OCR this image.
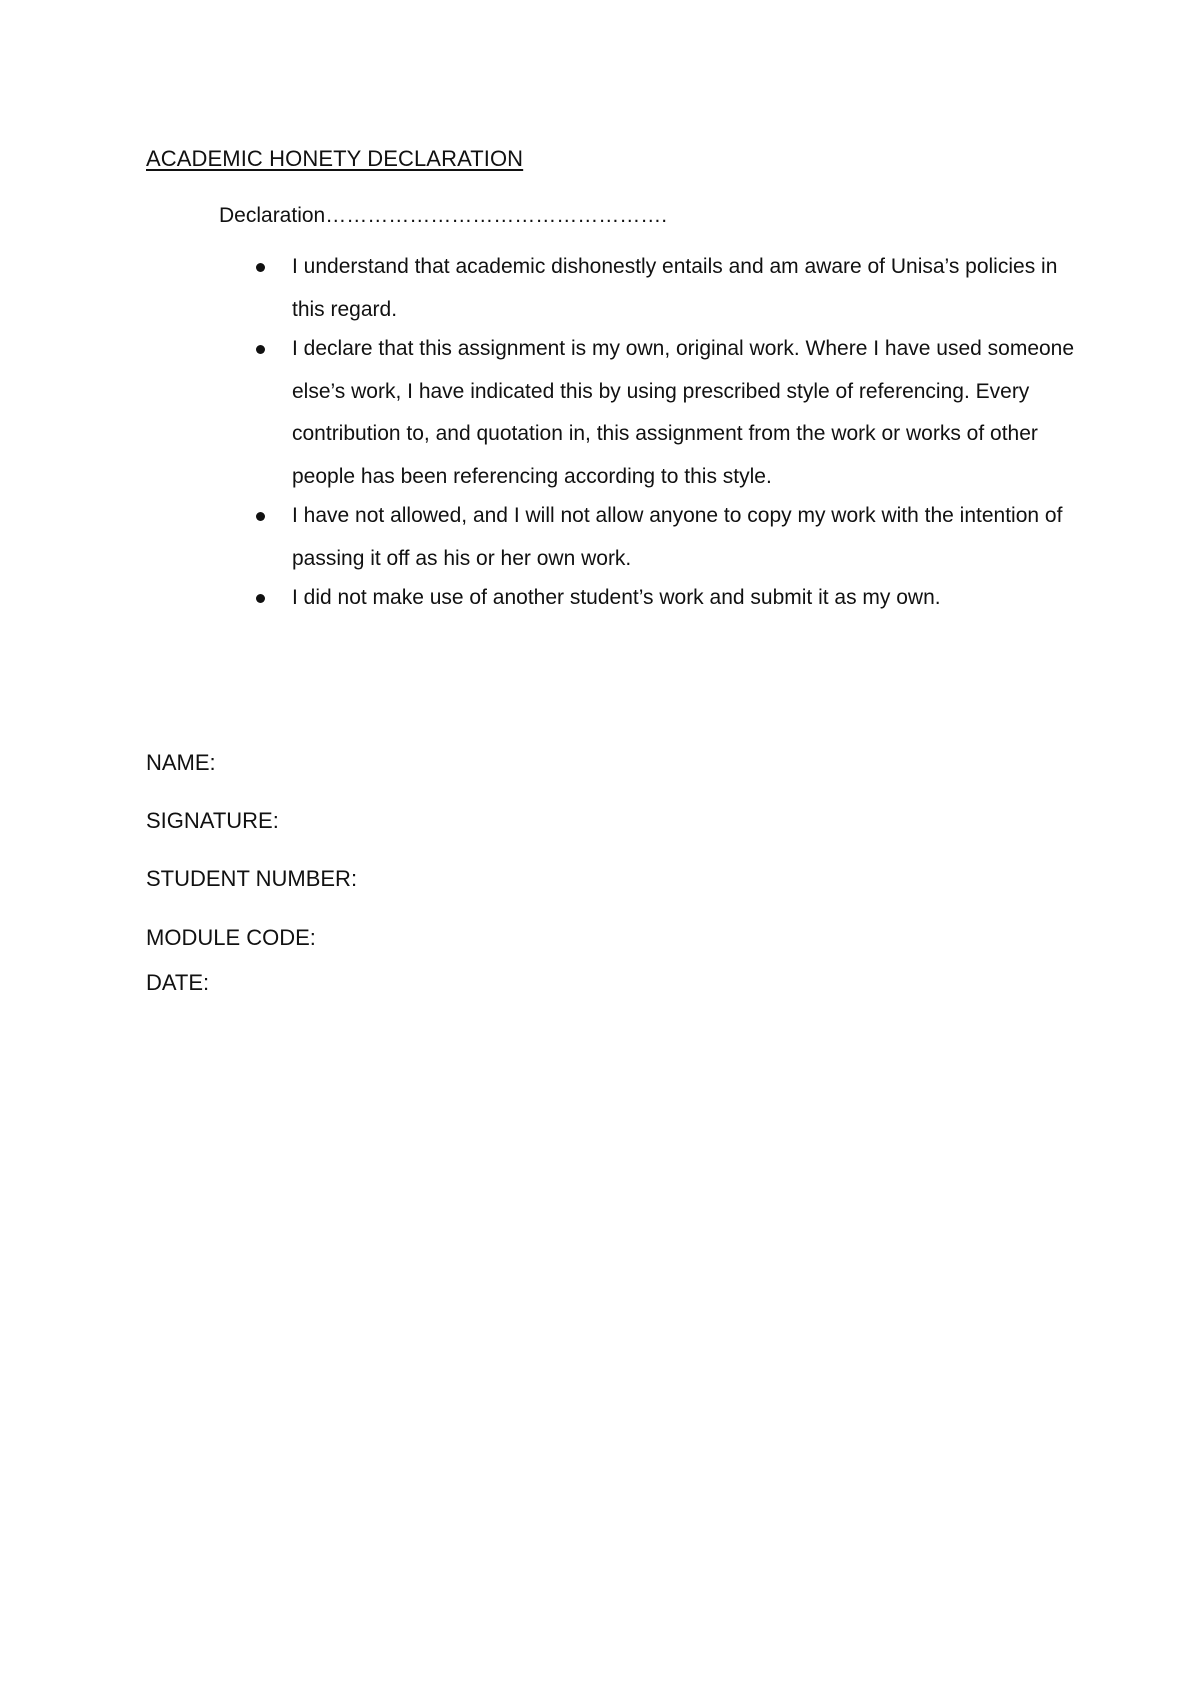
ACADEMIC HONETY DECLARATION
Declaration………………………………………….
I understand that academic dishonestly entails and am aware of Unisa’s policies in this regard.
I declare that this assignment is my own, original work. Where I have used someone else’s work, I have indicated this by using prescribed style of referencing. Every contribution to, and quotation in, this assignment from the work or works of other people has been referencing according to this style.
I have not allowed, and I will not allow anyone to copy my work with the intention of passing it off as his or her own work.
I did not make use of another student’s work and submit it as my own.
NAME:
SIGNATURE:
STUDENT NUMBER:
MODULE CODE:
DATE:
